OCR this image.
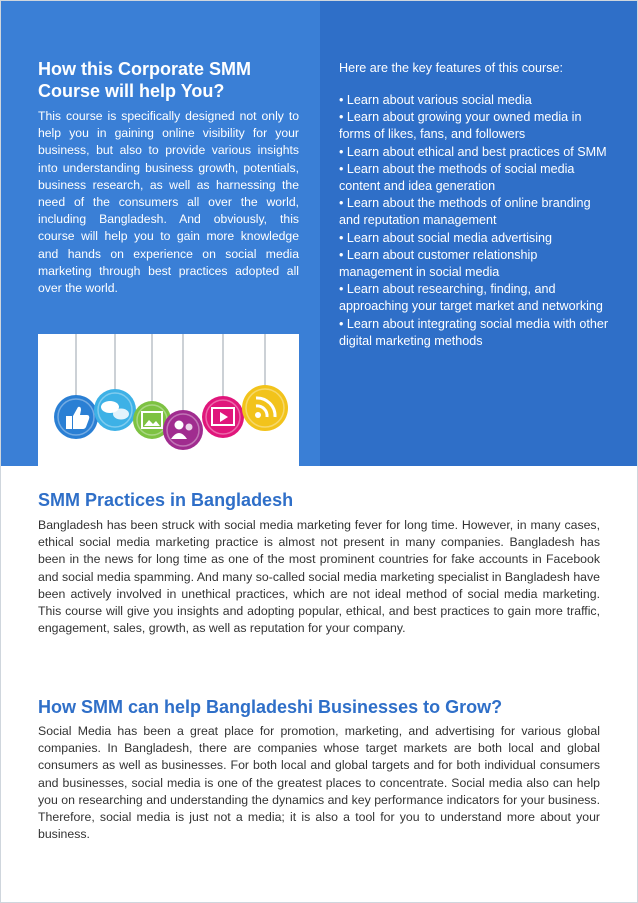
How this Corporate SMM Course will help You?
This course is specifically designed not only to help you in gaining online visibility for your business, but also to provide various insights into understanding business growth, potentials, business research, as well as harnessing the need of the consumers all over the world, including Bangladesh. And obviously, this course will help you to gain more knowledge and hands on experience on social media marketing through best practices adopted all over the world.
Here are the key features of this course:
• Learn about various social media
• Learn about growing your owned media in forms of likes, fans, and followers
• Learn about ethical and best practices of SMM
• Learn about the methods of social media content and idea generation
• Learn about the methods of online branding and reputation management
• Learn about social media advertising
• Learn about customer relationship management in social media
• Learn about researching, finding, and approaching your target market and networking
• Learn about integrating social media with other digital marketing methods
SMM Practices in Bangladesh
Bangladesh has been struck with social media marketing fever for long time. However, in many cases, ethical social media marketing practice is almost not present in many companies. Bangladesh has been in the news for long time as one of the most prominent countries for fake accounts in Facebook and social media spamming. And many so-called social media marketing specialist in Bangladesh have been actively involved in unethical practices, which are not ideal method of social media marketing. This course will give you insights and adopting popular, ethical, and best practices to gain more traffic, engagement, sales, growth, as well as reputation for your company.
How SMM can help Bangladeshi Businesses to Grow?
Social Media has been a great place for promotion, marketing, and advertising for various global companies. In Bangladesh, there are companies whose target markets are both local and global consumers as well as businesses. For both local and global targets and for both individual consumers and businesses, social media is one of the greatest places to concentrate. Social media also can help you on researching and understanding the dynamics and key performance indicators for your business. Therefore, social media is just not a media; it is also a tool for you to understand more about your business.
